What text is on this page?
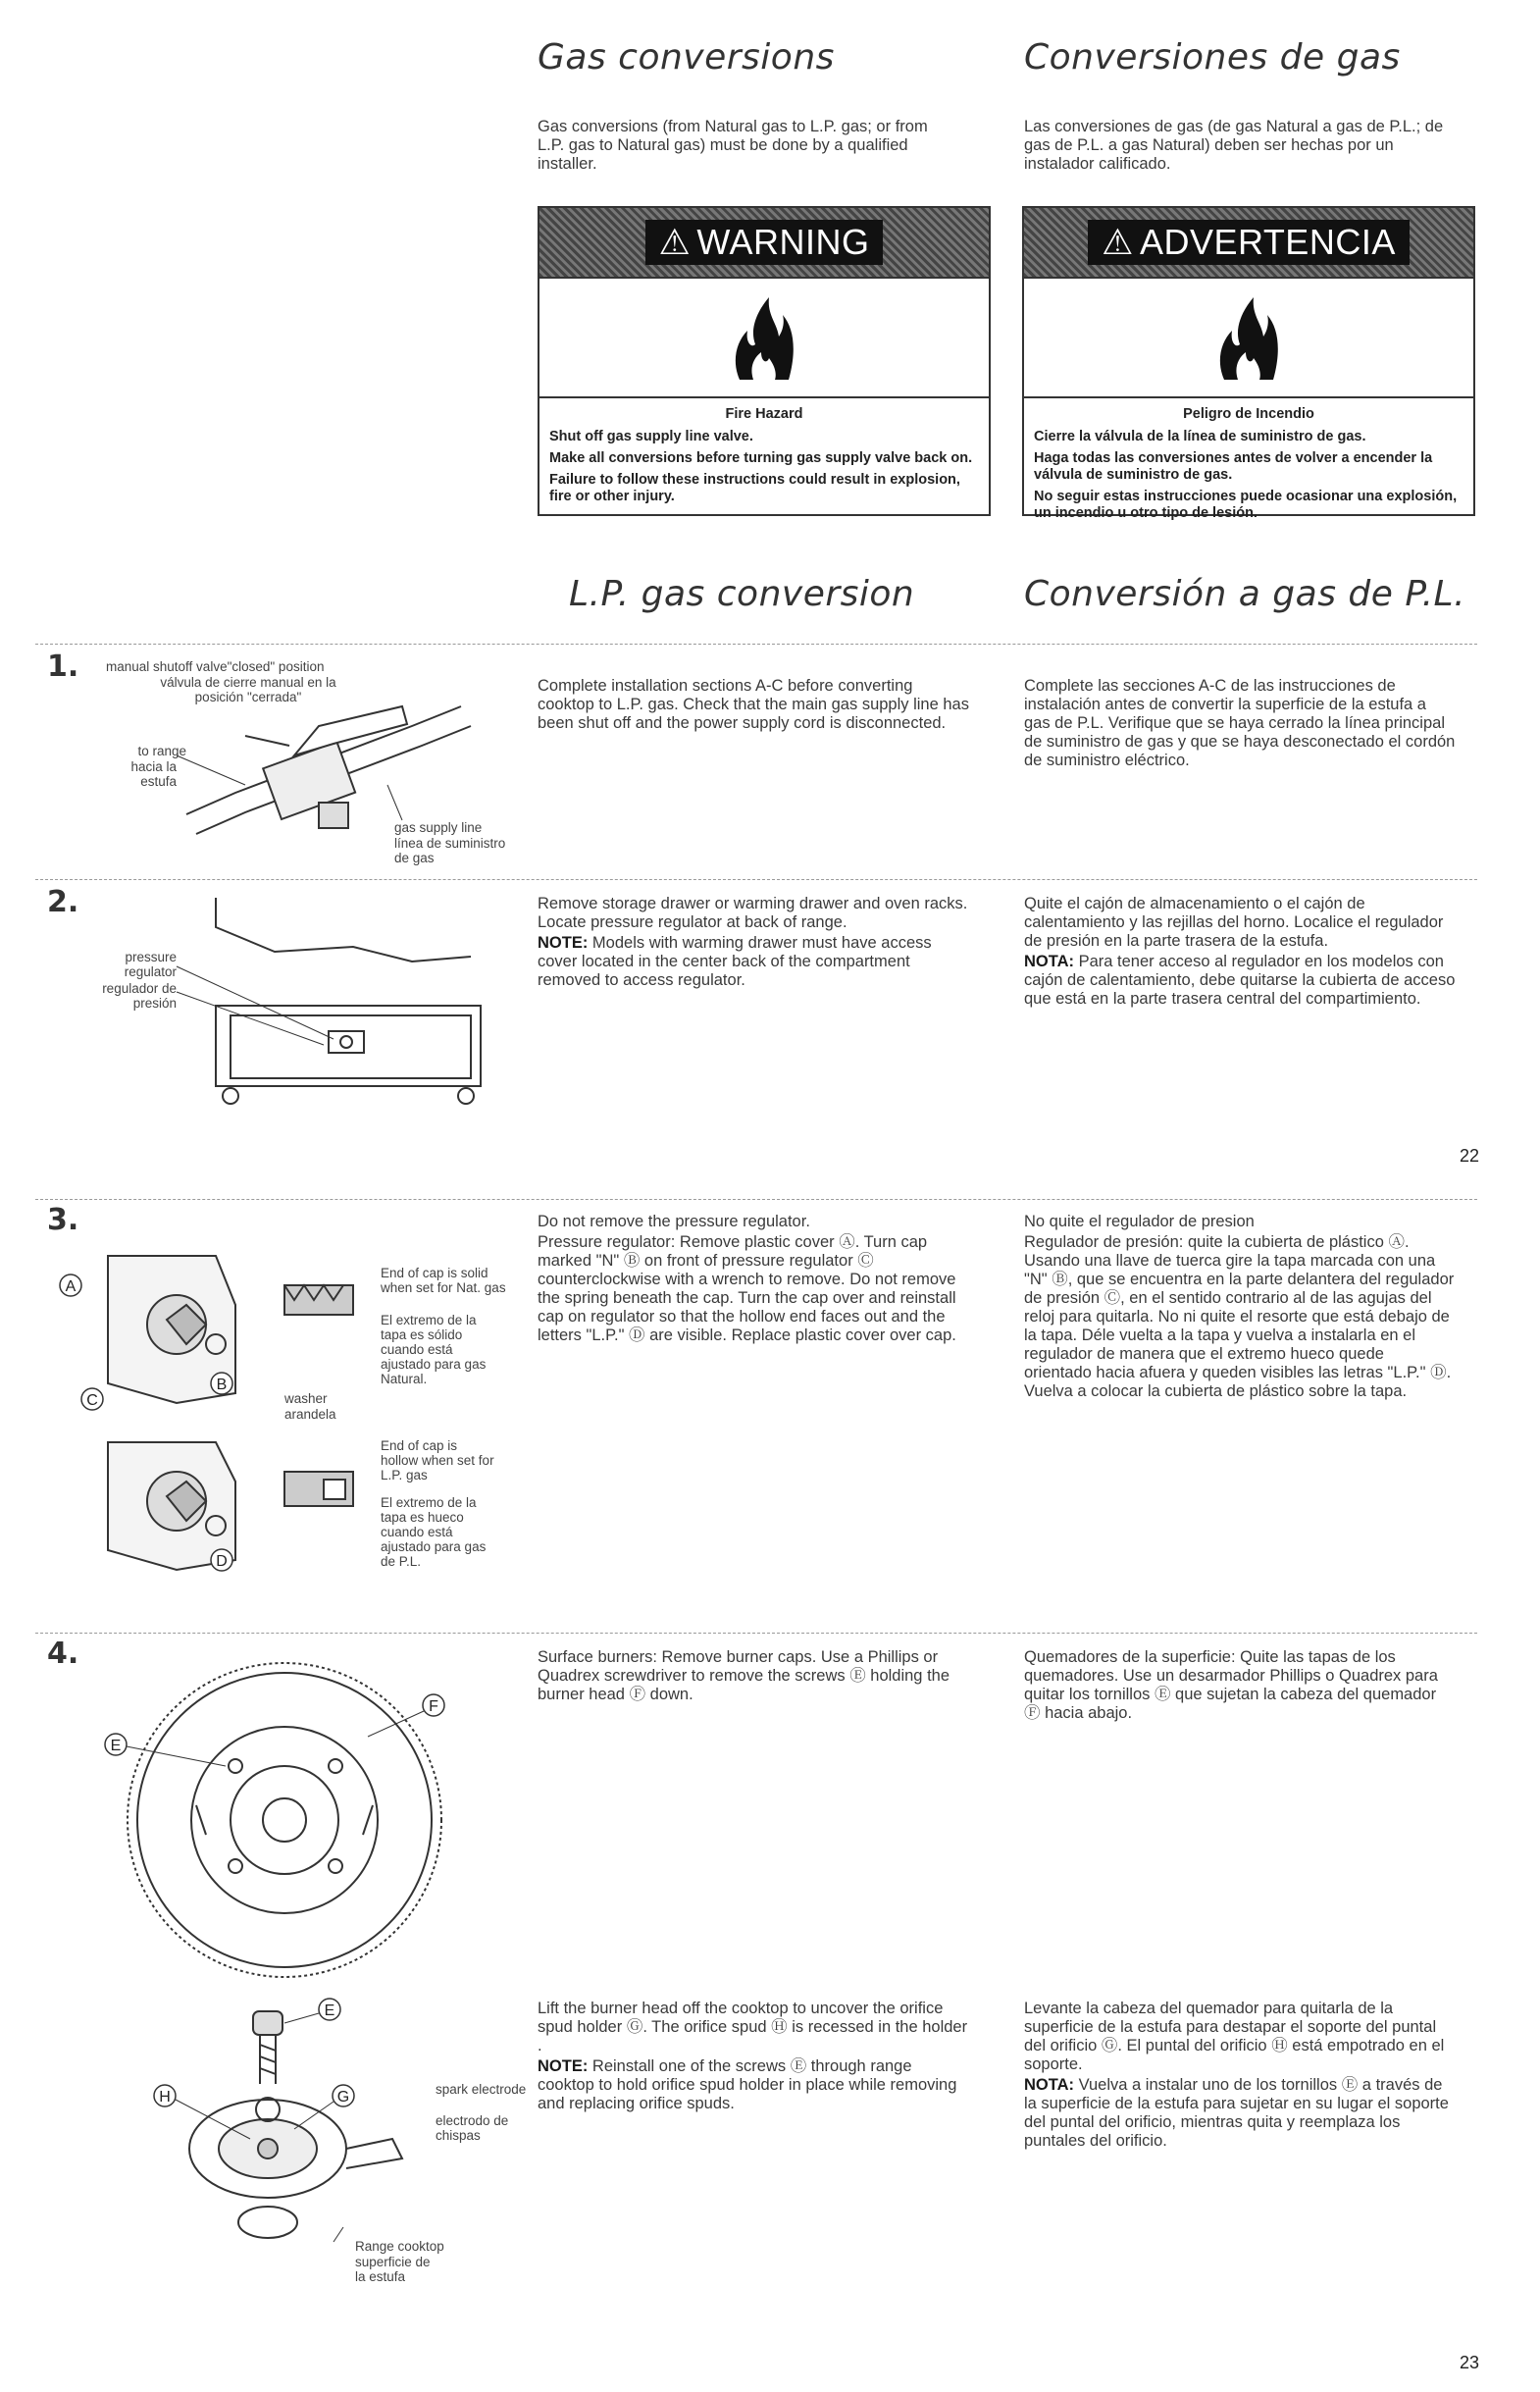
Gas conversions	Conversiones de gas
Gas conversions (from Natural gas to L.P. gas; or from L.P. gas to Natural gas) must be done by a qualified installer.
Las conversiones de gas (de gas Natural a gas de P.L.; de gas de P.L. a gas Natural) deben ser hechas por un instalador calificado.
⚠ WARNING
Fire Hazard

Shut off gas supply line valve.

Make all conversions before turning gas supply valve back on.

Failure to follow these instructions could result in explosion, fire or other injury.

⚠ ADVERTENCIA
Peligro de Incendio

Cierre la válvula de la línea de suministro de gas.

Haga todas las conversiones antes de volver a encender la válvula de suministro de gas.

No seguir estas instrucciones puede ocasionar una explosión, un incendio u otro tipo de lesión.

L.P. gas conversion	Conversión a gas de P.L.
1. manual shutoff valve"closed" position
válvula de cierre manual en la posición "cerrada"
to range
hacia la estufa
gas supply line
línea de suministro de gas
Complete installation sections A-C before converting cooktop to L.P. gas. Check that the main gas supply line has been shut off and the power supply cord is disconnected.
Complete las secciones A-C de las instrucciones de instalación antes de convertir la superficie de la estufa a gas de P.L. Verifique que se haya cerrado la línea principal de suministro de gas y que se haya desconectado el cordón de suministro eléctrico.
2.
pressure regulator
regulador de presión

Remove storage drawer or warming drawer and oven racks. Locate pressure regulator at back of range.

NOTE: Models with warming drawer must have access cover located in the center back of the compartment removed to access regulator.

Quite el cajón de almacenamiento o el cajón de calentamiento y las rejillas del horno. Localice el regulador de presión en la parte trasera de la estufa.

NOTA: Para tener acceso al regulador en los modelos con cajón de calentamiento, debe quitarse la cubierta de acceso que está en la parte trasera central del compartimiento.

22
3.
A
B
C
D
End of cap is solid when set for Nat. gas
El extremo de la tapa es sólido cuando está ajustado para gas Natural.
washer
arandela
End of cap is hollow when set for L.P. gas
El extremo de la tapa es hueco cuando está ajustado para gas de P.L.

Do not remove the pressure regulator.

Pressure regulator: Remove plastic cover Ⓐ. Turn cap marked "N" Ⓑ on front of pressure regulator Ⓒ counterclockwise with a wrench to remove. Do not remove the spring beneath the cap. Turn the cap over and reinstall cap on regulator so that the hollow end faces out and the letters "L.P." Ⓓ are visible. Replace plastic cover over cap.

No quite el regulador de presion

Regulador de presión: quite la cubierta de plástico Ⓐ. Usando una llave de tuerca gire la tapa marcada con una "N" Ⓑ, que se encuentra en la parte delantera del regulador de presión Ⓒ, en el sentido contrario al de las agujas del reloj para quitarla. No ni quite el resorte que está debajo de la tapa. Déle vuelta a la tapa y vuelva a instalarla en el regulador de manera que el extremo hueco quede orientado hacia afuera y queden visibles las letras "L.P." Ⓓ. Vuelva a colocar la cubierta de plástico sobre la tapa.

4.
E
F
Surface burners: Remove burner caps. Use a Phillips or Quadrex screwdriver to remove the screws Ⓔ holding the burner head Ⓕ down.
Quemadores de la superficie: Quite las tapas de los quemadores. Use un desarmador Phillips o Quadrex para quitar los tornillos Ⓔ que sujetan la cabeza del quemador Ⓕ hacia abajo.
E
H	G	spark electrode
electrodo de chispas
Range cooktop
superficie de la estufa

Lift the burner head off the cooktop to uncover the orifice spud holder Ⓖ. The orifice spud Ⓗ is recessed in the holder .

NOTE: Reinstall one of the screws Ⓔ through range cooktop to hold orifice spud holder in place while removing and replacing orifice spuds.

Levante la cabeza del quemador para quitarla de la superficie de la estufa para destapar el soporte del puntal del orificio Ⓖ. El puntal del orificio Ⓗ está empotrado en el soporte.

NOTA: Vuelva a instalar uno de los tornillos Ⓔ a través de la superficie de la estufa para sujetar en su lugar el soporte del puntal del orificio, mientras quita y reemplaza los puntales del orificio.

23
